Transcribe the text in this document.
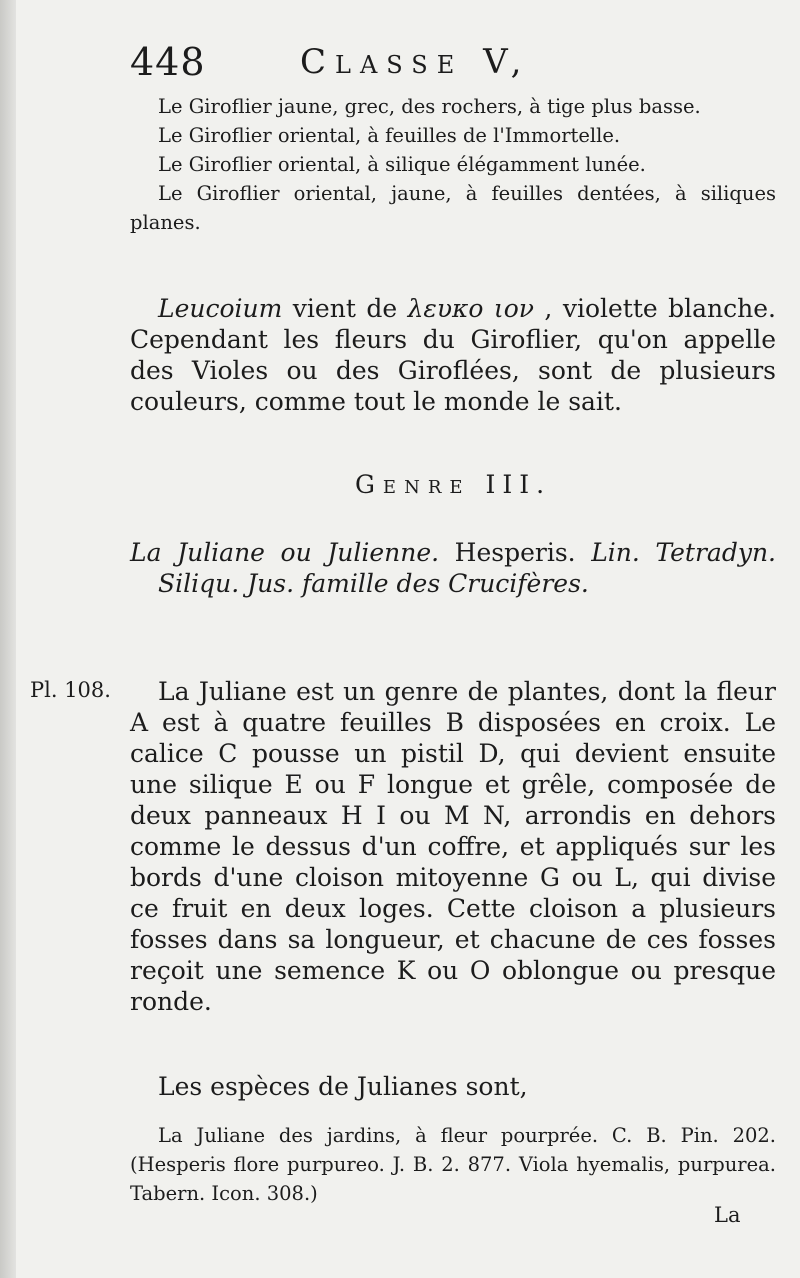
448	Classe V,
Le Giroflier jaune, grec, des rochers, à tige plus basse.
Le Giroflier oriental, à feuilles de l'Immortelle.
Le Giroflier oriental, à silique élégamment lunée.
Le Giroflier oriental, jaune, à feuilles dentées, à siliques planes.
Leucoium vient de λευκο ιον , violette blanche. Cependant les fleurs du Giroflier, qu'on appelle des Violes ou des Giroflées, sont de plusieurs couleurs, comme tout le monde le sait.
Genre III.
La Juliane ou Julienne. Hesperis. Lin. Tetradyn. Siliqu. Jus. famille des Crucifères.
Pl. 108.	La Juliane est un genre de plantes, dont la fleur A est à quatre feuilles B disposées en croix. Le calice C pousse un pistil D, qui devient ensuite une silique E ou F longue et grêle, composée de deux panneaux H I ou M N, arrondis en dehors comme le dessus d'un coffre, et appliqués sur les bords d'une cloison mitoyenne G ou L, qui divise ce fruit en deux loges. Cette cloison a plusieurs fosses dans sa longueur, et chacune de ces fosses reçoit une semence K ou O oblongue ou presque ronde.
Les espèces de Julianes sont,
La Juliane des jardins, à fleur pourprée. C. B. Pin. 202. (Hesperis flore purpureo. J. B. 2. 877. Viola hyemalis, purpurea. Tabern. Icon. 308.)
La
